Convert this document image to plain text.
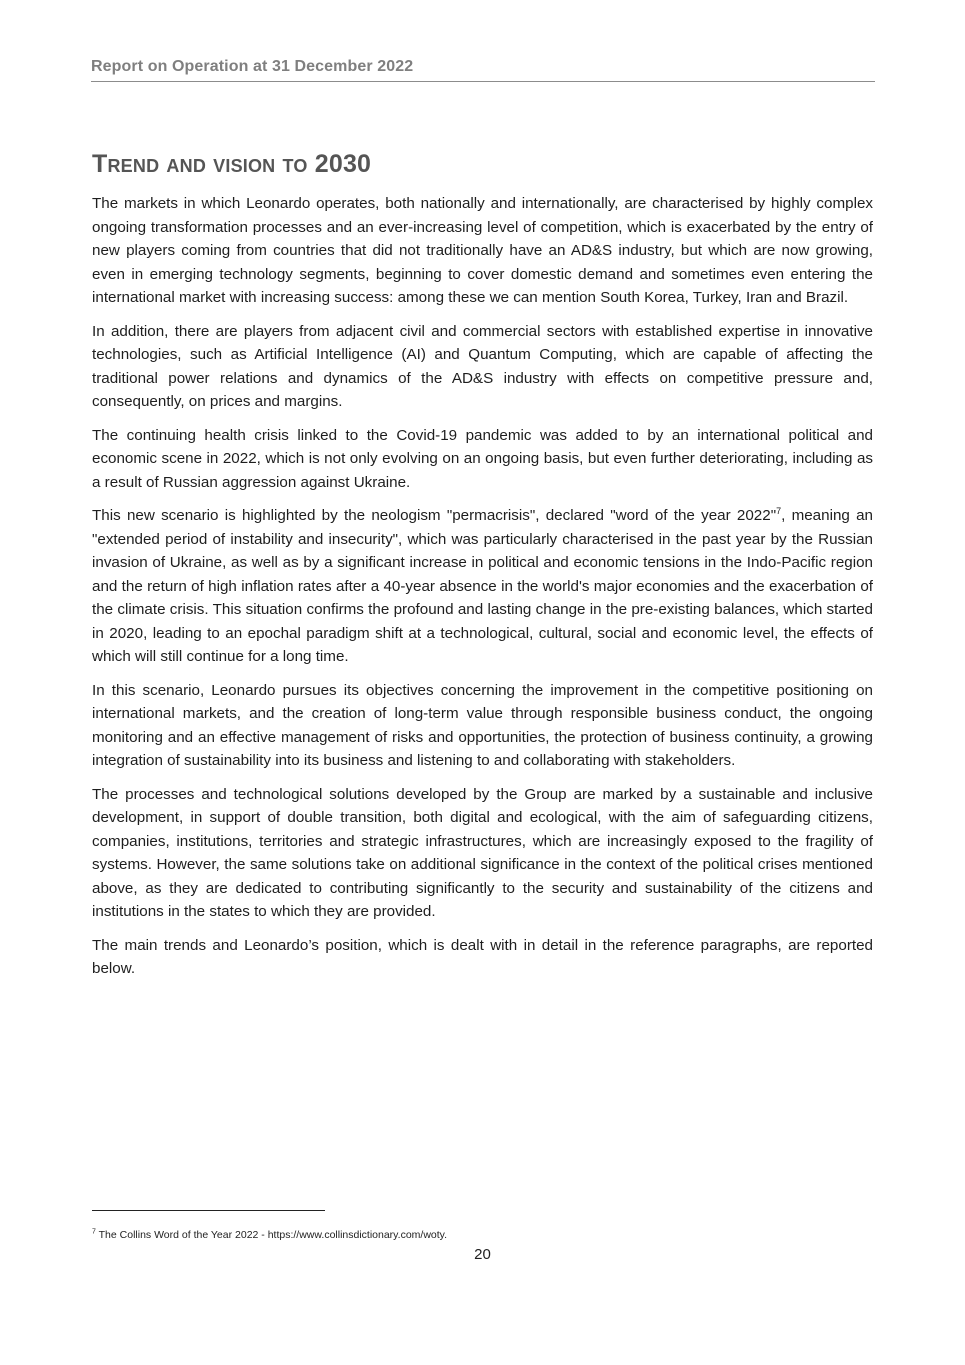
Report on Operation at 31 December 2022
Trend and vision to 2030

The markets in which Leonardo operates, both nationally and internationally, are characterised by highly complex ongoing transformation processes and an ever-increasing level of competition, which is exacerbated by the entry of new players coming from countries that did not traditionally have an AD&S industry, but which are now growing, even in emerging technology segments, beginning to cover domestic demand and sometimes even entering the international market with increasing success: among these we can mention South Korea, Turkey, Iran and Brazil.

In addition, there are players from adjacent civil and commercial sectors with established expertise in innovative technologies, such as Artificial Intelligence (AI) and Quantum Computing, which are capable of affecting the traditional power relations and dynamics of the AD&S industry with effects on competitive pressure and, consequently, on prices and margins.

The continuing health crisis linked to the Covid-19 pandemic was added to by an international political and economic scene in 2022, which is not only evolving on an ongoing basis, but even further deteriorating, including as a result of Russian aggression against Ukraine.

This new scenario is highlighted by the neologism "permacrisis", declared "word of the year 2022"$^7$, meaning an "extended period of instability and insecurity", which was particularly characterised in the past year by the Russian invasion of Ukraine, as well as by a significant increase in political and economic tensions in the Indo-Pacific region and the return of high inflation rates after a 40-year absence in the world's major economies and the exacerbation of the climate crisis. This situation confirms the profound and lasting change in the pre-existing balances, which started in 2020, leading to an epochal paradigm shift at a technological, cultural, social and economic level, the effects of which will still continue for a long time.

In this scenario, Leonardo pursues its objectives concerning the improvement in the competitive positioning on international markets, and the creation of long-term value through responsible business conduct, the ongoing monitoring and an effective management of risks and opportunities, the protection of business continuity, a growing integration of sustainability into its business and listening to and collaborating with stakeholders.

The processes and technological solutions developed by the Group are marked by a sustainable and inclusive development, in support of double transition, both digital and ecological, with the aim of safeguarding citizens, companies, institutions, territories and strategic infrastructures, which are increasingly exposed to the fragility of systems. However, the same solutions take on additional significance in the context of the political crises mentioned above, as they are dedicated to contributing significantly to the security and sustainability of the citizens and institutions in the states to which they are provided.

The main trends and Leonardo’s position, which is dealt with in detail in the reference paragraphs, are reported below.

$^7$ The Collins Word of the Year 2022 - https://www.collinsdictionary.com/woty.
20
